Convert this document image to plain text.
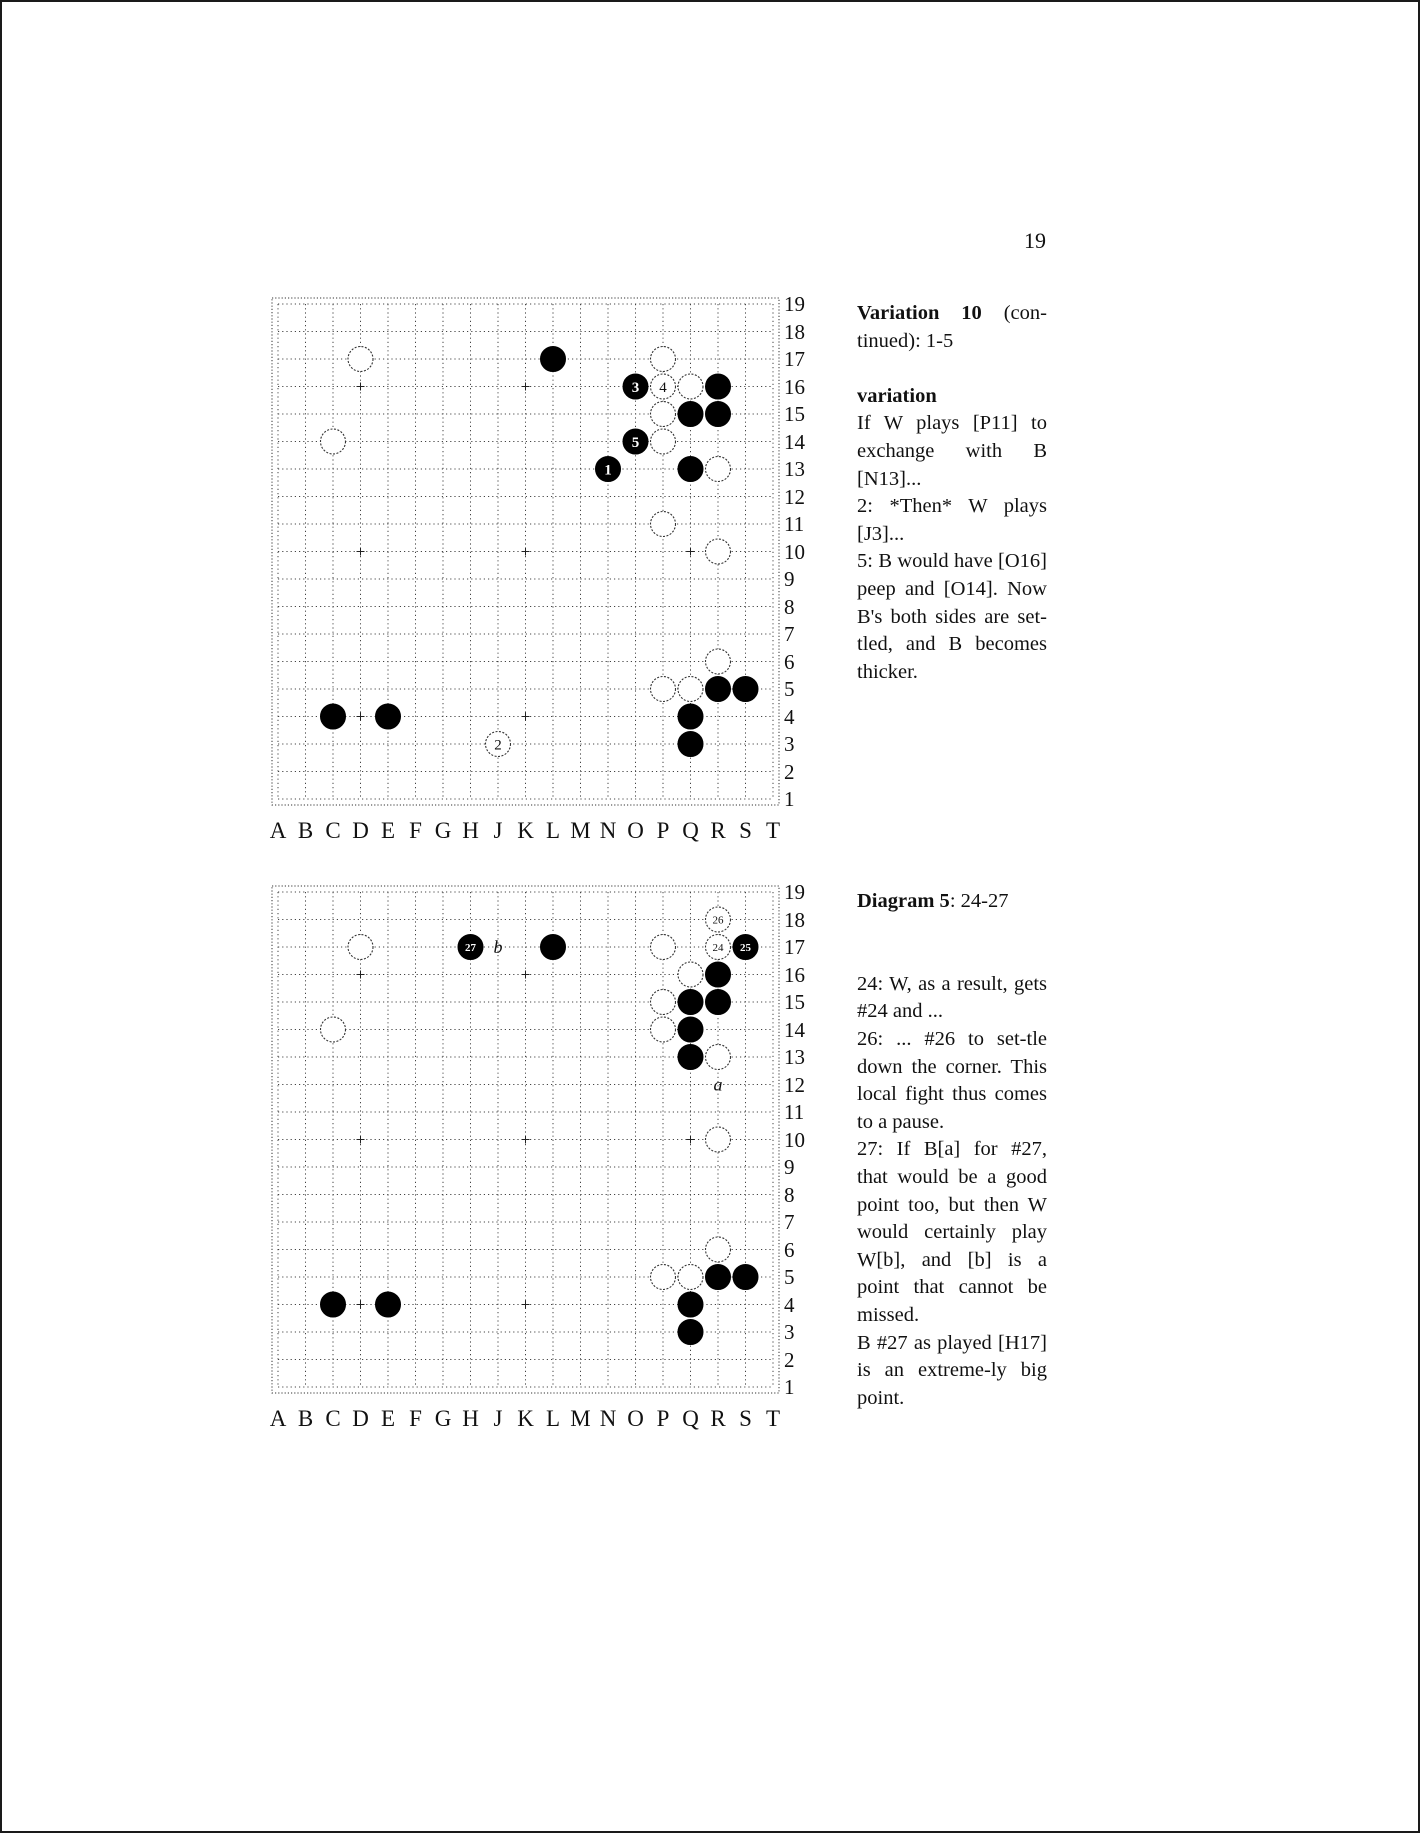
19
3 4
5
1
2
19
18
17
16
15
14
13
12
11
10
9
8
7
6
5
4
3
2
1
A B C D E F G H J K L M N O P Q R S T

Variation 10 (con-tinued): 1-5

variation

If W plays [P11] to exchange with B [N13]...

2: *Then* W plays [J3]...

5: B would have [O16] peep and [O14]. Now B's both sides are set-tled, and B becomes thicker.

b
a
26
27	24 25
19
18
17
16
15
14
13
12
11
10
9
8
7
6
5
4
3
2
1
A B C D E F G H J K L M N O P Q R S T

Diagram 5: 24-27

24: W, as a result, gets #24 and ...

26: ... #26 to set-tle down the corner. This local fight thus comes to a pause.

27: If B[a] for #27, that would be a good point too, but then W would certainly play W[b], and [b] is a point that cannot be missed.

B #27 as played [H17] is an extreme-ly big point.
